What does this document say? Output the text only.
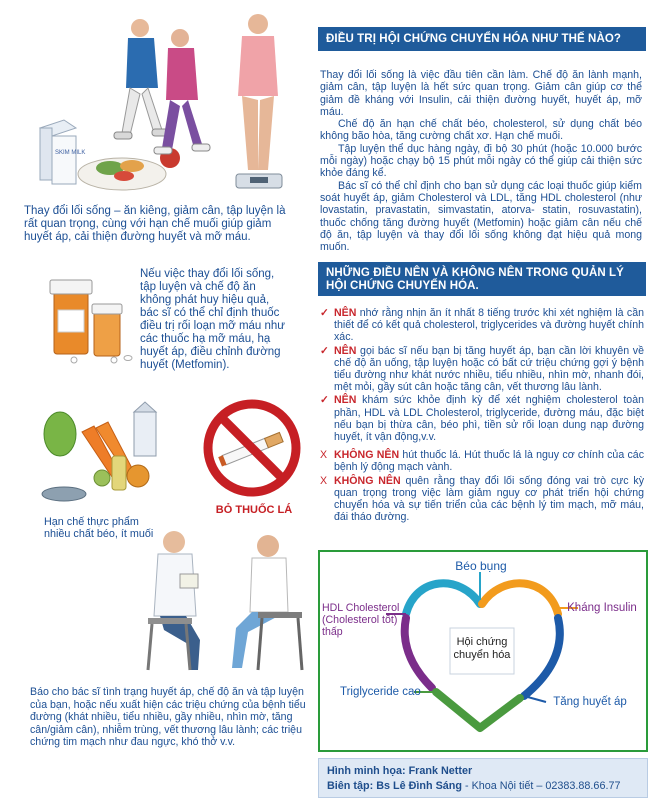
SKIM MILK
Thay đổi lối sống – ăn kiêng, giảm cân, tập luyện là rất quan trọng, cùng với hạn chế muối giúp giảm huyết áp, cải thiện đường huyết và mỡ máu.
Nếu việc thay đổi lối sống, tập luyện và chế độ ăn không phát huy hiệu quả, bác sĩ có thể chỉ định thuốc điều trị rối loạn mỡ máu như các thuốc hạ mỡ máu, hạ huyết áp, điều chỉnh đường huyết (Metfomin).
Hạn chế thực phẩm nhiều chất béo, ít muối
BỎ THUỐC LÁ
Báo cho bác sĩ tình trạng huyết áp, chế độ ăn và tập luyện của bạn, hoặc nếu xuất hiện các triệu chứng của bệnh tiểu đường (khát nhiều, tiểu nhiều, gầy nhiều, nhìn mờ, tăng cân/giảm cân), nhiễm trùng, vết thương lâu lành; các triệu chứng tim mạch như đau ngực, khó thở v.v.
ĐIỀU TRỊ HỘI CHỨNG CHUYỂN HÓA NHƯ THẾ NÀO?

Thay đổi lối sống là việc đầu tiên cần làm. Chế độ ăn lành mạnh, giảm cân, tập luyện là hết sức quan trọng. Giảm cân giúp cơ thể giảm đề kháng với Insulin, cải thiện đường huyết, huyết áp, mỡ máu.

Chế độ ăn hạn chế chất béo, cholesterol, sử dụng chất béo không bão hòa, tăng cường chất xơ. Hạn chế muối.

Tập luyện thể dục hàng ngày, đi bộ 30 phút (hoặc 10.000 bước mỗi ngày) hoặc chạy bộ 15 phút mỗi ngày có thể giúp cải thiện sức khỏe đáng kể.

Bác sĩ có thể chỉ định cho bạn sử dụng các loại thuốc giúp kiểm soát huyết áp, giảm Cholesterol và LDL, tăng HDL cholesterol (như lovastatin, pravastatin, simvastatin, atorva- statin, rosuvastatin), thuốc chống tăng đường huyết (Metfomin) hoặc giảm cân nếu chế độ ăn, tập luyện và thay đổi lối sống không đạt hiệu quả mong muốn.

NHỮNG ĐIỀU NÊN VÀ KHÔNG NÊN TRONG QUẢN LÝ HỘI CHỨNG CHUYỂN HÓA.
✓ NÊN nhớ rằng nhịn ăn ít nhất 8 tiếng trước khi xét nghiệm là cần thiết để có kết quả cholesterol, triglycerides và đường huyết chính xác.
✓ NÊN gọi bác sĩ nếu bạn bị tăng huyết áp, bạn cần lời khuyên về chế độ ăn uống, tập luyện hoặc có bất cứ triệu chứng gợi ý bệnh tiểu đường như khát nước nhiều, tiểu nhiều, nhìn mờ, nhanh đói, mệt mỏi, gầy sút cân hoặc tăng cân, vết thương lâu lành.
✓ NÊN khám sức khỏe định kỳ để xét nghiệm cholesterol toàn phần, HDL và LDL Cholesterol, triglyceride, đường máu, đặc biệt nếu bạn bị thừa cân, béo phì, tiền sử rối loạn dung nạp đường huyết, ít vận động,v.v.
X KHÔNG NÊN hút thuốc lá. Hút thuốc lá là nguy cơ chính của các bệnh lý động mạch vành.
X KHÔNG NÊN quên rằng thay đổi lối sống đóng vai trò cực kỳ quan trọng trong việc làm giảm nguy cơ phát triển hội chứng chuyển hóa và sự tiến triển của các bệnh lý tim mạch, mỡ máu, đái tháo đường.
Béo bụng
Kháng Insulin
HDL Cholesterol (Cholesterol tốt) thấp
Triglyceride cao
Tăng huyết áp
Hội chứng chuyển hóa
Hình minh họa: Frank Netter
Biên tập: Bs Lê Đình Sáng - Khoa Nội tiết – 02383.88.66.77
